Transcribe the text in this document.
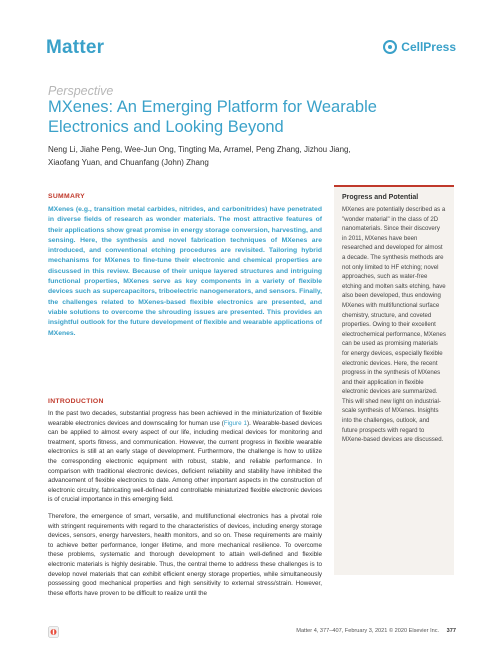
Matter	CellPress
Perspective
MXenes: An Emerging Platform for Wearable Electronics and Looking Beyond
Neng Li, Jiahe Peng, Wee-Jun Ong, Tingting Ma, Arramel, Peng Zhang, Jizhou Jiang,
Xiaofang Yuan, and Chuanfang (John) Zhang
SUMMARY
MXenes (e.g., transition metal carbides, nitrides, and carbonitrides) have penetrated in diverse fields of research as wonder materials. The most attractive features of their applications show great promise in energy storage conversion, harvesting, and sensing. Here, the synthesis and novel fabrication techniques of MXenes are introduced, and conventional etching procedures are revisited. Tailoring hybrid mechanisms for MXenes to fine-tune their electronic and chemical properties are discussed in this review. Because of their unique layered structures and intriguing functional properties, MXenes serve as key components in a variety of flexible devices such as supercapacitors, triboelectric nanogenerators, and sensors. Finally, the challenges related to MXenes-based flexible electronics are presented, and viable solutions to overcome the shrouding issues are presented. This provides an insightful outlook for the future development of flexible and wearable applications of MXenes.
Progress and Potential
MXenes are potentially described as a "wonder material" in the class of 2D nanomaterials. Since their discovery in 2011, MXenes have been researched and developed for almost a decade. The synthesis methods are not only limited to HF etching; novel approaches, such as water-free etching and molten salts etching, have also been developed, thus endowing MXenes with multifunctional surface chemistry, structure, and coveted properties. Owing to their excellent electrochemical performance, MXenes can be used as promising materials for energy devices, especially flexible electronic devices. Here, the recent progress in the synthesis of MXenes and their application in flexible electronic devices are summarized. This will shed new light on industrial-scale synthesis of MXenes. Insights into the challenges, outlook, and future prospects with regard to MXene-based devices are discussed.
INTRODUCTION
In the past two decades, substantial progress has been achieved in the miniaturization of flexible wearable electronics devices and downscaling for human use (Figure 1). Wearable-based devices can be applied to almost every aspect of our life, including medical devices for monitoring and treatment, sports fitness, and communication. However, the current progress in flexible wearable electronics is still at an early stage of development. Furthermore, the challenge is how to utilize the corresponding electronic equipment with robust, stable, and reliable performance. In comparison with traditional electronic devices, deficient reliability and stability have inhibited the advancement of flexible electronics to date. Among other important aspects in the construction of electronic circuitry, fabricating well-defined and controllable miniaturized flexible electronic devices is of crucial importance in this emerging field.
Therefore, the emergence of smart, versatile, and multifunctional electronics has a pivotal role with stringent requirements with regard to the characteristics of devices, including energy storage devices, sensors, energy harvesters, health monitors, and so on. These requirements are mainly to achieve better performance, longer lifetime, and more mechanical resilience. To overcome these problems, systematic and thorough development to attain well-defined and flexible electronic materials is highly desirable. Thus, the central theme to address these challenges is to develop novel materials that can exhibit efficient energy storage properties, while simultaneously possessing good mechanical properties and high sensitivity to external stress/strain. However, these efforts have proven to be difficult to realize until the
Matter 4, 377–407, February 3, 2021 © 2020 Elsevier Inc. 377
